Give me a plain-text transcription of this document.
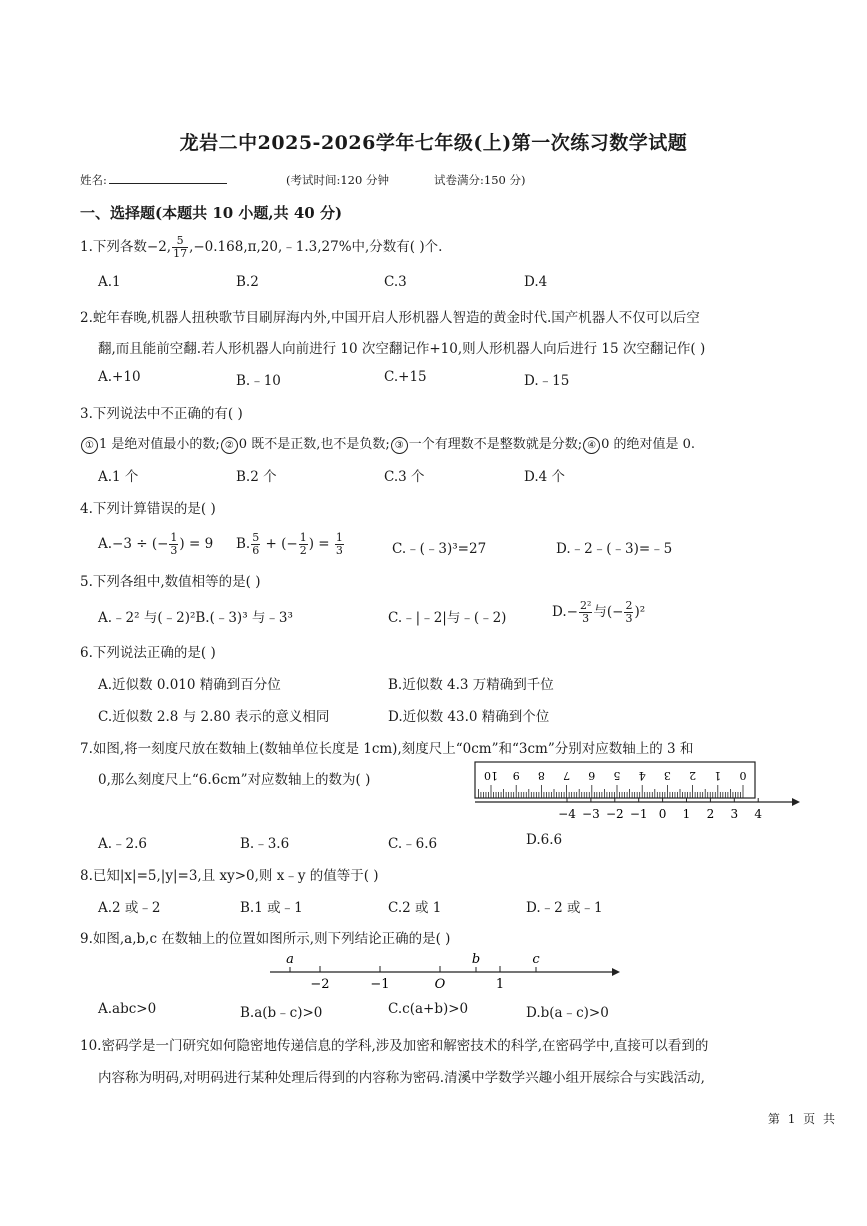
龙岩二中2025-2026学年七年级(上)第一次练习数学试题
姓名:	(考试时间:120 分钟	试卷满分:150 分)
一、选择题(本题共 10 小题,共 40 分)
1.下列各数−2, $\frac{5}{17}$ ,−0.168,π,20,﹣1.3,27%中,分数有( )个.
A.1	B.2	C.3	D.4
2.蛇年春晚,机器人扭秧歌节目刷屏海内外,中国开启人形机器人智造的黄金时代.国产机器人不仅可以后空
翻,而且能前空翻.若人形机器人向前进行 10 次空翻记作+10,则人形机器人向后进行 15 次空翻记作( )
A.+10	B.﹣10	C.+15	D.﹣15
3.下列说法中不正确的有( )
① 1 是绝对值最小的数; ② 0 既不是正数,也不是负数; ③ 一个有理数不是整数就是分数; ④ 0 的绝对值是 0.
A.1 个	B.2 个	C.3 个	D.4 个
4.下列计算错误的是( )
A.−3 ÷ (− $\frac{1}{3}$ ) = 9 B. $\frac{5}{6}$ + (− $\frac{1}{2}$ ) = $\frac{1}{3}$	C.﹣(﹣3)³=27	D.﹣2﹣(﹣3)=﹣5
5.下列各组中,数值相等的是( )
A.﹣2² 与(﹣2)²B.(﹣3)³ 与﹣3³	C.﹣|﹣2|与﹣(﹣2)	$D.- \frac{\text{2²}}{3}$ 与(− $\frac{2}{3} )^2$
6.下列说法正确的是( )
A.近似数 0.010 精确到百分位	B.近似数 4.3 万精确到千位
C.近似数 2.8 与 2.80 表示的意义相同	D.近似数 43.0 精确到个位
7.如图,将一刻度尺放在数轴上(数轴单位长度是 1cm),刻度尺上“0cm”和“3cm”分别对应数轴上的 3 和
0,那么刻度尺上“6.6cm”对应数轴上的数为( )	10 9 8 7 6 5 4 3 2 1 0
−4 −3 −2 −1 0 1 2 3 4
A.﹣2.6	B.﹣3.6	C.﹣6.6	D.6.6
8.已知|x|=5,|y|=3,且 xy>0,则 x﹣y 的值等于( )
A.2 或﹣2	B.1 或﹣1	C.2 或 1	D.﹣2 或﹣1
9.如图,a,b,c 在数轴上的位置如图所示,则下列结论正确的是( )
−2	−1	O	1
a	b	c
A.abc>0	B.a(b﹣c)>0	C.c(a+b)>0	D.b(a﹣c)>0
10.密码学是一门研究如何隐密地传递信息的学科,涉及加密和解密技术的科学,在密码学中,直接可以看到的
内容称为明码,对明码进行某种处理后得到的内容称为密码.清溪中学数学兴趣小组开展综合与实践活动,
第 1 页 共
